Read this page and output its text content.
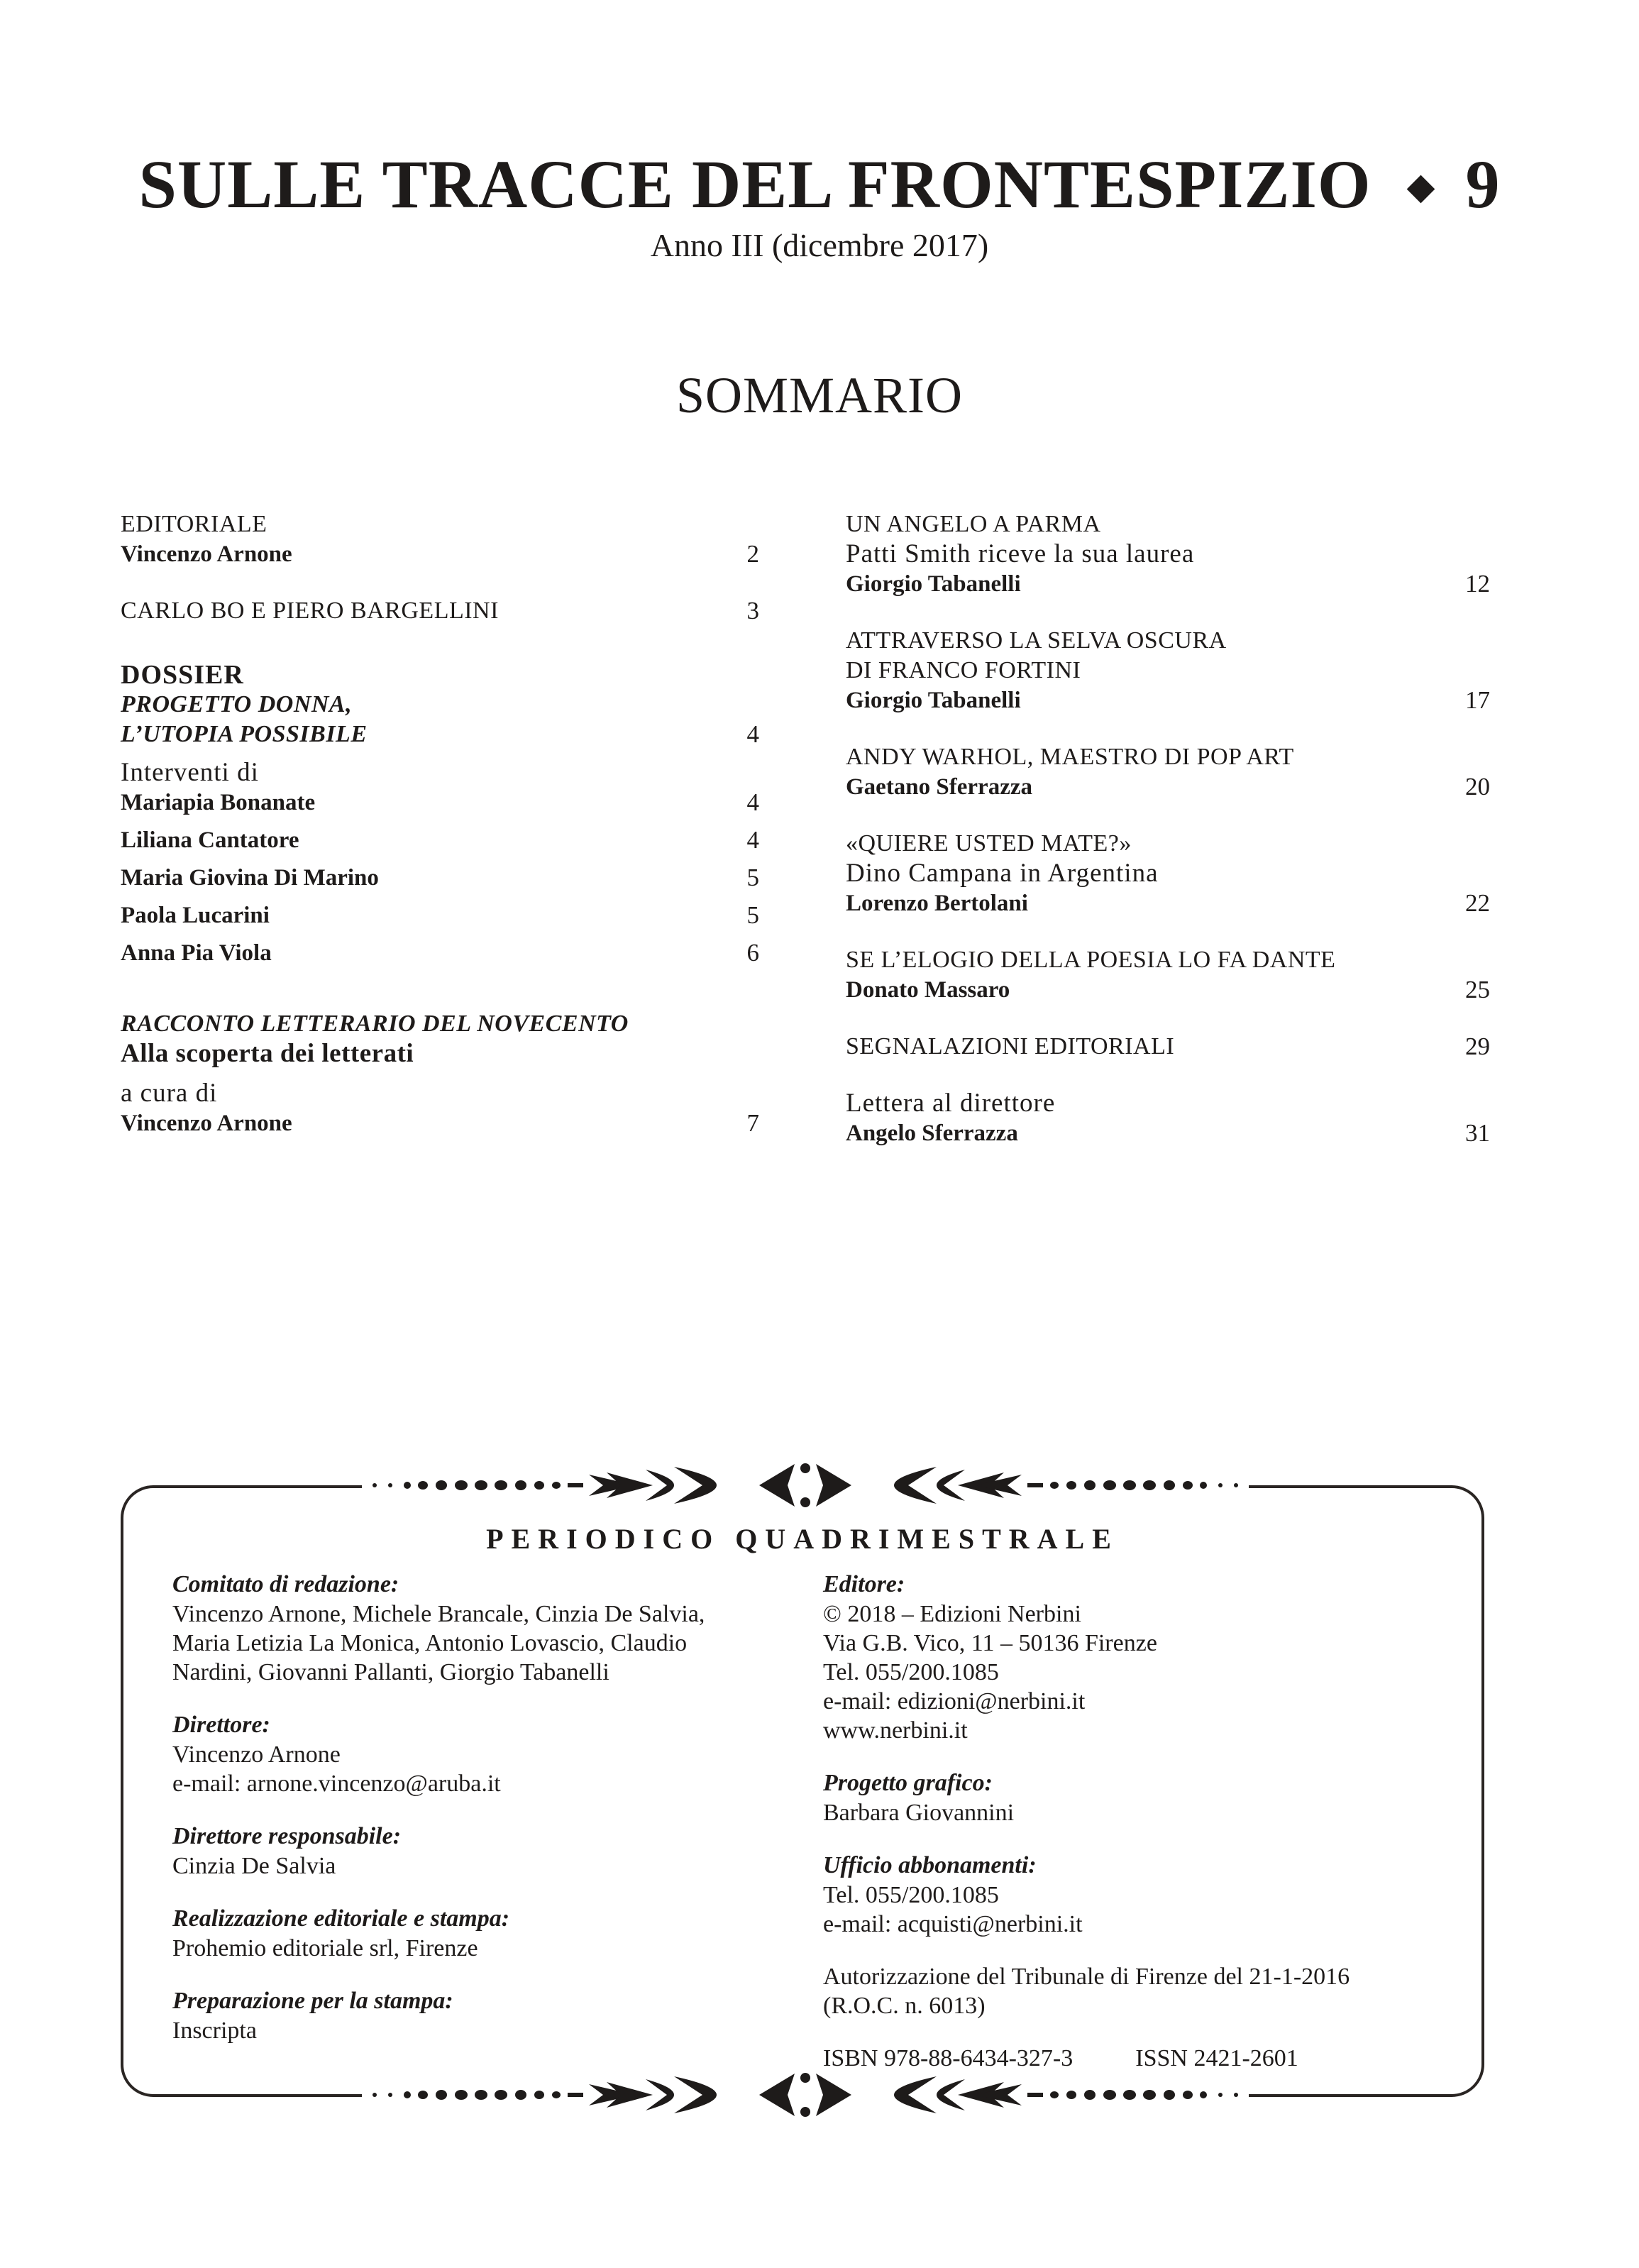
SULLE TRACCE DEL FRONTESPIZIO ◆ 9
Anno III (dicembre 2017)
SOMMARIO
EDITORIALE
Vincenzo Arnone	2
CARLO BO E PIERO BARGELLINI	3
DOSSIER
PROGETTO DONNA,
L’UTOPIA POSSIBILE	4
Interventi di
Mariapia Bonanate	4
Liliana Cantatore	4
Maria Giovina Di Marino	5
Paola Lucarini	5
Anna Pia Viola	6
RACCONTO LETTERARIO DEL NOVECENTO
Alla scoperta dei letterati
a cura di
Vincenzo Arnone	7
UN ANGELO A PARMA
Patti Smith riceve la sua laurea
Giorgio Tabanelli	12
ATTRAVERSO LA SELVA OSCURA
DI FRANCO FORTINI
Giorgio Tabanelli	17
ANDY WARHOL, MAESTRO DI POP ART
Gaetano Sferrazza	20
«QUIERE USTED MATE?»
Dino Campana in Argentina
Lorenzo Bertolani	22
SE L’ELOGIO DELLA POESIA LO FA DANTE
Donato Massaro	25
SEGNALAZIONI EDITORIALI	29
Lettera al direttore
Angelo Sferrazza	31
PERIODICO QUADRIMESTRALE
Comitato di redazione:
Vincenzo Arnone, Michele Brancale, Cinzia De Salvia,
Maria Letizia La Monica, Antonio Lovascio, Claudio
Nardini, Giovanni Pallanti, Giorgio Tabanelli
Direttore:
Vincenzo Arnone
e-mail: arnone.vincenzo@aruba.it
Direttore responsabile:
Cinzia De Salvia
Realizzazione editoriale e stampa:
Prohemio editoriale srl, Firenze
Preparazione per la stampa:
Inscripta
Editore:
© 2018 – Edizioni Nerbini
Via G.B. Vico, 11 – 50136 Firenze
Tel. 055/200.1085
e-mail: edizioni@nerbini.it
www.nerbini.it
Progetto grafico:
Barbara Giovannini
Ufficio abbonamenti:
Tel. 055/200.1085
e-mail: acquisti@nerbini.it
Autorizzazione del Tribunale di Firenze del 21-1-2016
(R.O.C. n. 6013)
ISBN 978-88-6434-327-3	ISSN 2421-2601
